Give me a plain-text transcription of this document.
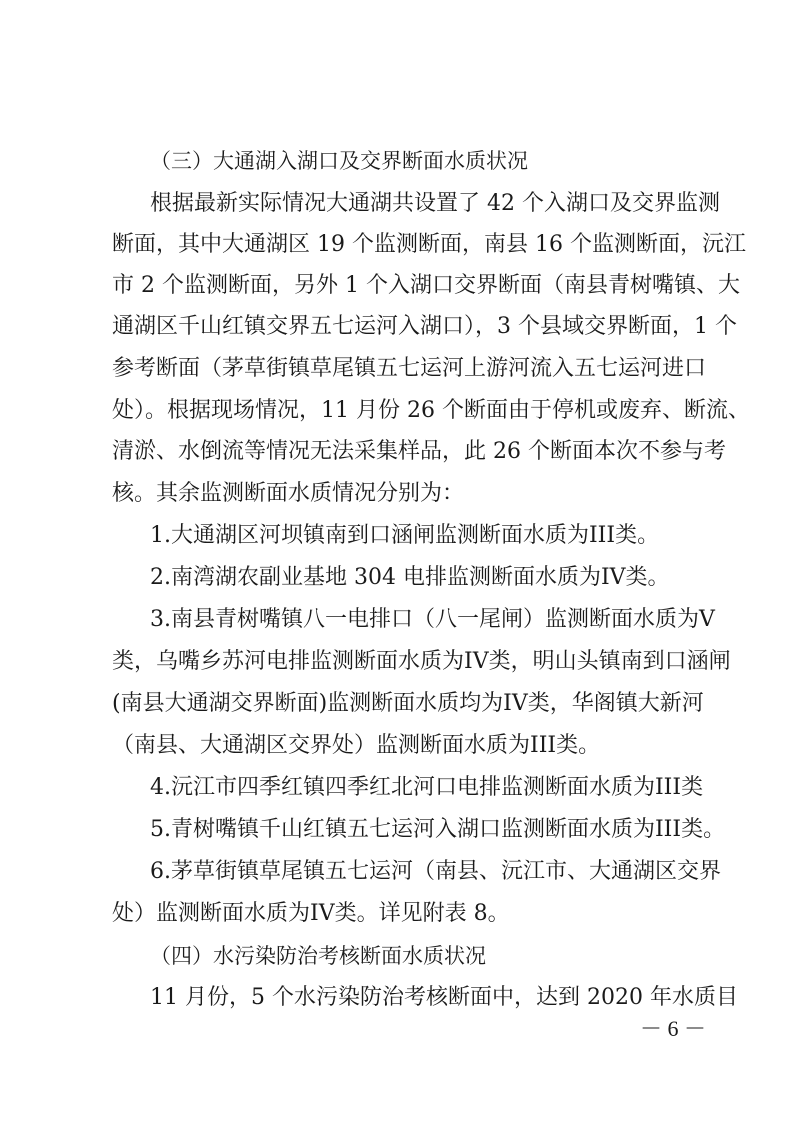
（三）大通湖入湖口及交界断面水质状况
根据最新实际情况大通湖共设置了 42 个入湖口及交界监测
断面，其中大通湖区 19 个监测断面，南县 16 个监测断面，沅江
市 2 个监测断面，另外 1 个入湖口交界断面（南县青树嘴镇、大
通湖区千山红镇交界五七运河入湖口），3 个县域交界断面，1 个
参考断面（茅草街镇草尾镇五七运河上游河流入五七运河进口
处）。根据现场情况，11 月份 26 个断面由于停机或废弃、断流、
清淤、水倒流等情况无法采集样品，此 26 个断面本次不参与考
核。其余监测断面水质情况分别为：
1.大通湖区河坝镇南到口涵闸监测断面水质为III类。
2.南湾湖农副业基地 304 电排监测断面水质为IV类。
3.南县青树嘴镇八一电排口（八一尾闸）监测断面水质为V
类，乌嘴乡苏河电排监测断面水质为IV类，明山头镇南到口涵闸
(南县大通湖交界断面)监测断面水质均为IV类，华阁镇大新河
（南县、大通湖区交界处）监测断面水质为III类。
4.沅江市四季红镇四季红北河口电排监测断面水质为III类
5.青树嘴镇千山红镇五七运河入湖口监测断面水质为III类。
6.茅草街镇草尾镇五七运河（南县、沅江市、大通湖区交界
处）监测断面水质为IV类。详见附表 8。
（四）水污染防治考核断面水质状况
11 月份，5 个水污染防治考核断面中，达到 2020 年水质目
－ 6 －
